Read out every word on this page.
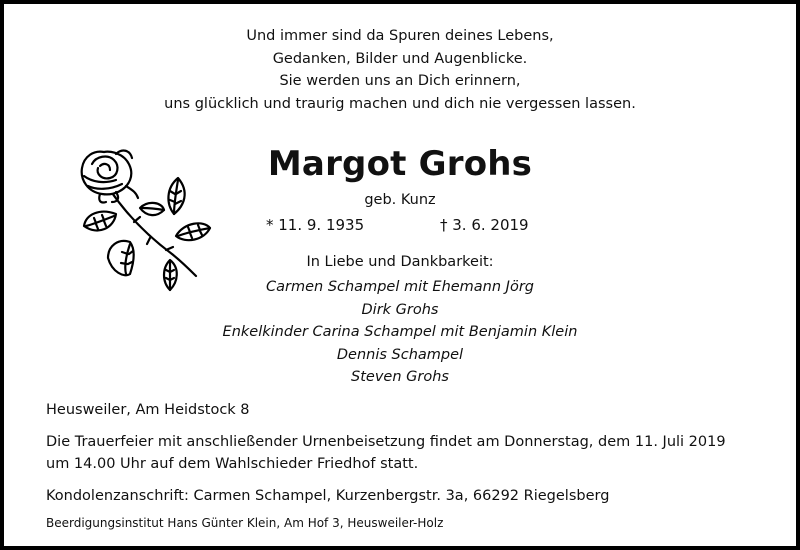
Und immer sind da Spuren deines Lebens,
Gedanken, Bilder und Augenblicke.
Sie werden uns an Dich erinnern,
uns glücklich und traurig machen und dich nie vergessen lassen.
Margot Grohs
geb. Kunz
* 11. 9. 1935	† 3. 6. 2019
In Liebe und Dankbarkeit:
Carmen Schampel mit Ehemann Jörg
Dirk Grohs
Enkelkinder Carina Schampel mit Benjamin Klein
Dennis Schampel
Steven Grohs
Heusweiler, Am Heidstock 8
Die Trauerfeier mit anschließender Urnenbeisetzung findet am Donnerstag, dem 11. Juli 2019
um 14.00 Uhr auf dem Wahlschieder Friedhof statt.
Kondolenzanschrift: Carmen Schampel, Kurzenbergstr. 3a, 66292 Riegelsberg
Beerdigungsinstitut Hans Günter Klein, Am Hof 3, Heusweiler-Holz
